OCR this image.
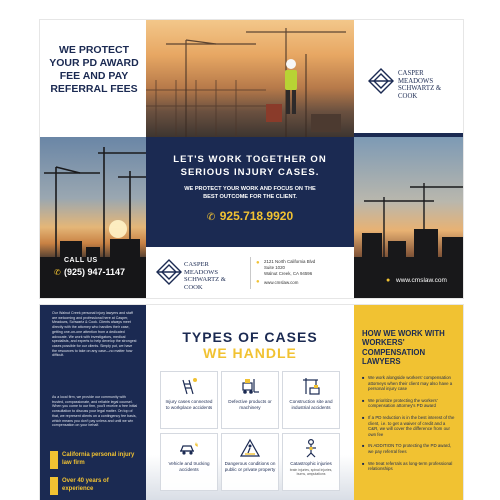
WE PROTECT YOUR PD AWARD FEE AND PAY REFERRAL FEES
CALL US
✆ (925) 947-1147
LET'S WORK TOGETHER ON SERIOUS INJURY CASES.
WE PROTECT YOUR WORK AND FOCUS ON THE BEST OUTCOME FOR THE CLIENT.
✆ 925.718.9920
CASPER MEADOWS SCHWARTZ & COOK
● 2121 North California Blvd
Suite 1020
Walnut Creek, CA 94596
● www.cmslaw.com
CASPER MEADOWS SCHWARTZ & COOK
● www.cmslaw.com
Our Walnut Creek personal injury lawyers and staff are welcoming and professional here at Casper, Meadows, Schwartz & Cook. Clients always meet directly with the attorney who handles their case, getting one-on-one attention from a dedicated advocate. We work with investigators, medical specialists, and experts to help develop the strongest cases possible for our clients. Simply put, we have the resources to take on any case—no matter how difficult.
As a local firm, we provide our community with trusted, compassionate, and reliable legal counsel. When you come to our firm, you'll receive a free initial consultation to discuss your legal matter. On top of that, we represent clients on a contingency fee basis, which means you don't pay unless and until we win compensation on your behalf.
California personal injury law firm
Over 40 years of experience
TYPES OF CASES
WE HANDLE
Injury cases connected to workplace accidents
Defective products or machinery
Construction site and industrial accidents
Vehicle and trucking accidents
Dangerous conditions on public or private property
Catastrophic injuries
brain injuries, spinal injuries, burns, amputations
HOW WE WORK WITH WORKERS' COMPENSATION LAWYERS
■ We work alongside workers' compensation attorneys when their client may also have a personal injury case
■ We prioritize protecting the workers' compensation attorney's PD award
■ If a PD reduction is in the best interest of the client, i.e. to get a waiver of credit and a C&R, we will cover the difference from our own fee
■ IN ADDITION TO protecting the PD award, we pay referral fees
■ We treat referrals as long-term professional relationships
